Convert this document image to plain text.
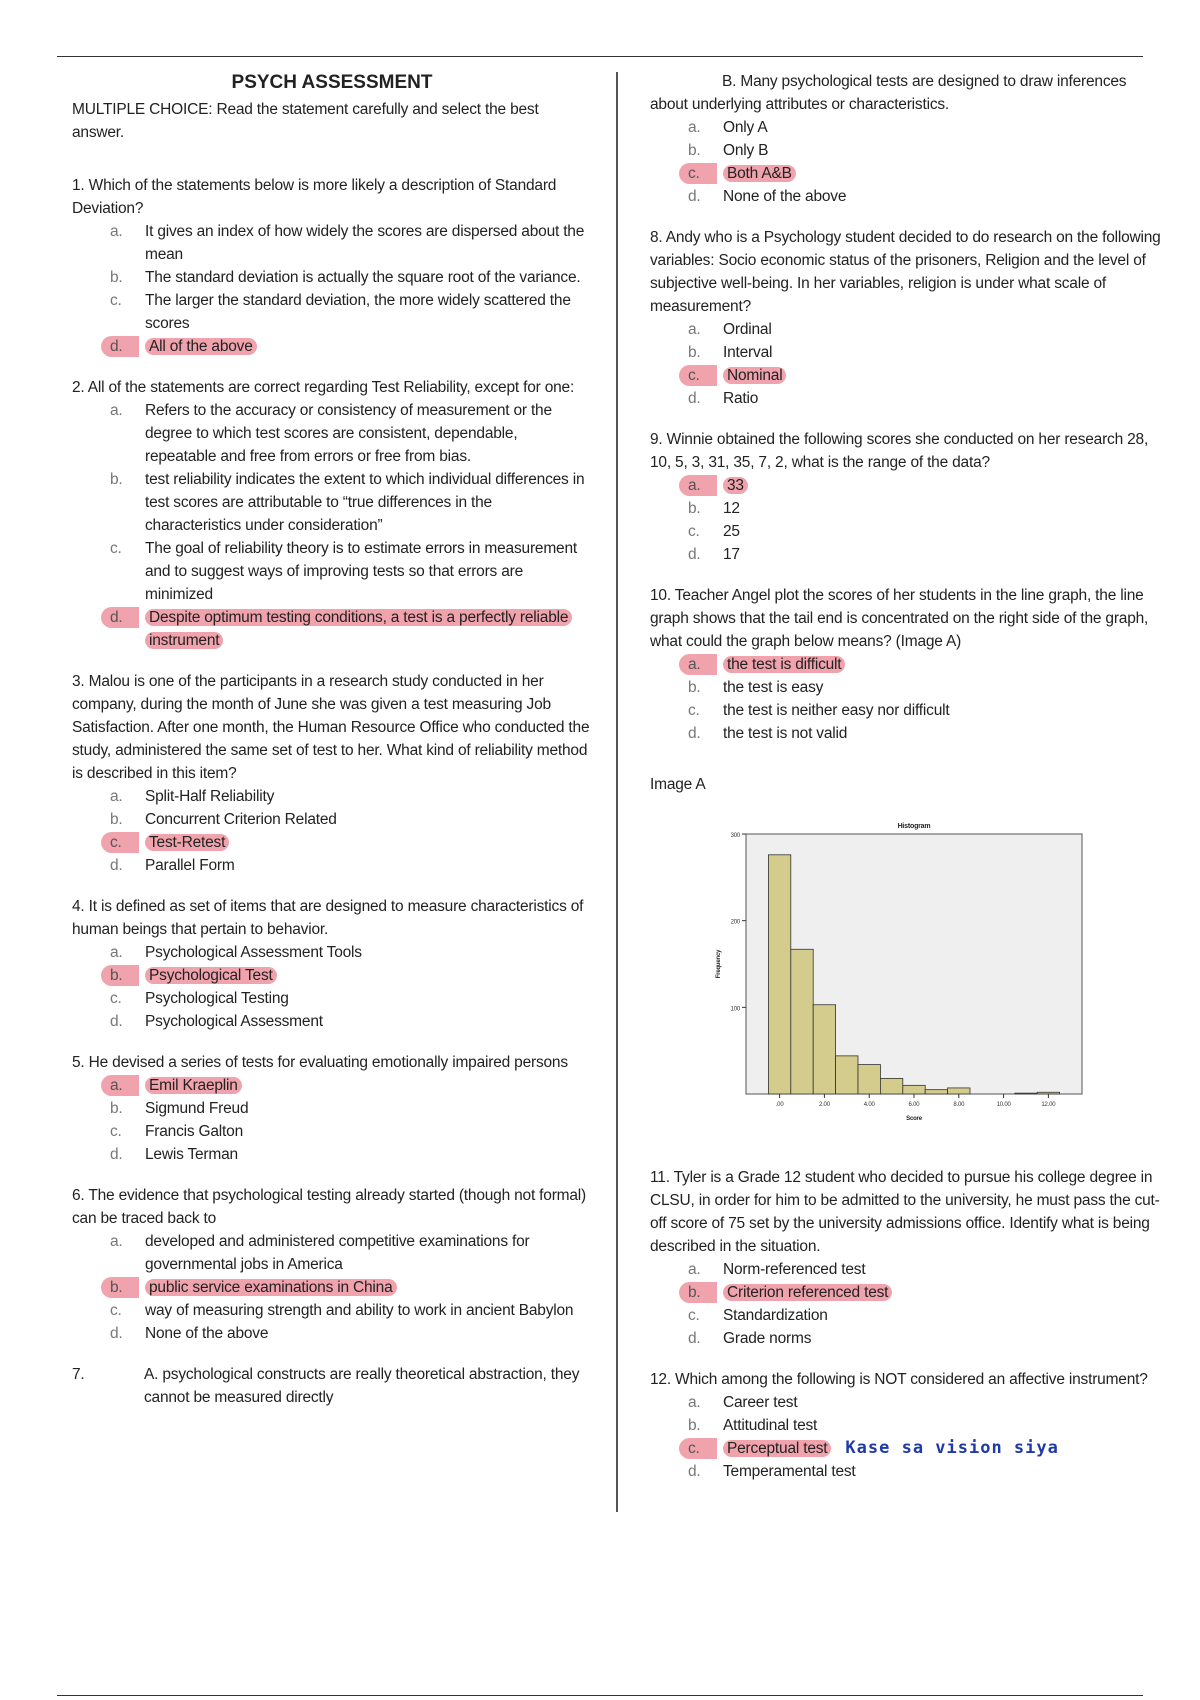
PSYCH ASSESSMENT

MULTIPLE CHOICE: Read the statement carefully and select the best answer.

1. Which of the statements below is more likely a description of Standard Deviation?

a. It gives an index of how widely the scores are dispersed about the mean
b. The standard deviation is actually the square root of the variance.
c. The larger the standard deviation, the more widely scattered the scores
d. All of the above

2. All of the statements are correct regarding Test Reliability, except for one:

a. Refers to the accuracy or consistency of measurement or the degree to which test scores are consistent, dependable, repeatable and free from errors or free from bias.
b. test reliability indicates the extent to which individual differences in test scores are attributable to “true differences in the characteristics under consideration”
c. The goal of reliability theory is to estimate errors in measurement and to suggest ways of improving tests so that errors are minimized
d. Despite optimum testing conditions, a test is a perfectly reliable instrument

3. Malou is one of the participants in a research study conducted in her company, during the month of June she was given a test measuring Job Satisfaction. After one month, the Human Resource Office who conducted the study, administered the same set of test to her. What kind of reliability method is described in this item?

a. Split-Half Reliability
b. Concurrent Criterion Related
c. Test-Retest
d. Parallel Form

4. It is defined as set of items that are designed to measure characteristics of human beings that pertain to behavior.

a. Psychological Assessment Tools
b. Psychological Test
c. Psychological Testing
d. Psychological Assessment

5. He devised a series of tests for evaluating emotionally impaired persons

a. Emil Kraeplin
b. Sigmund Freud
c. Francis Galton
d. Lewis Terman

6. The evidence that psychological testing already started (though not formal) can be traced back to

a. developed and administered competitive examinations for governmental jobs in America
b. public service examinations in China
c. way of measuring strength and ability to work in ancient Babylon
d. None of the above
7.	A. psychological constructs are really theoretical abstraction, they cannot be measured directly

B. Many psychological tests are designed to draw inferences about underlying attributes or characteristics.

a. Only A
b. Only B
c. Both A&B
d. None of the above

8. Andy who is a Psychology student decided to do research on the following variables: Socio economic status of the prisoners, Religion and the level of subjective well-being. In her variables, religion is under what scale of measurement?

a. Ordinal
b. Interval
c. Nominal
d. Ratio

9. Winnie obtained the following scores she conducted on her research 28, 10, 5, 3, 31, 35, 7, 2, what is the range of the data?

a. 33
b. 12
c. 25
d. 17

10. Teacher Angel plot the scores of her students in the line graph, the line graph shows that the tail end is concentrated on the right side of the graph, what could the graph below means? (Image A)

a. the test is difficult
b. the test is easy
c. the test is neither easy nor difficult
d. the test is not valid

Image A

100
200
300
.00	2.00	4.00	6.00	8.00	10.00	12.00
Histogram
Score
Frequency

11. Tyler is a Grade 12 student who decided to pursue his college degree in CLSU, in order for him to be admitted to the university, he must pass the cut-off score of 75 set by the university admissions office. Identify what is being described in the situation.

a. Norm-referenced test
b. Criterion referenced test
c. Standardization
d. Grade norms

12. Which among the following is NOT considered an affective instrument?

a. Career test
b. Attitudinal test
c. Perceptual test Kase sa vision siya
d. Temperamental test
